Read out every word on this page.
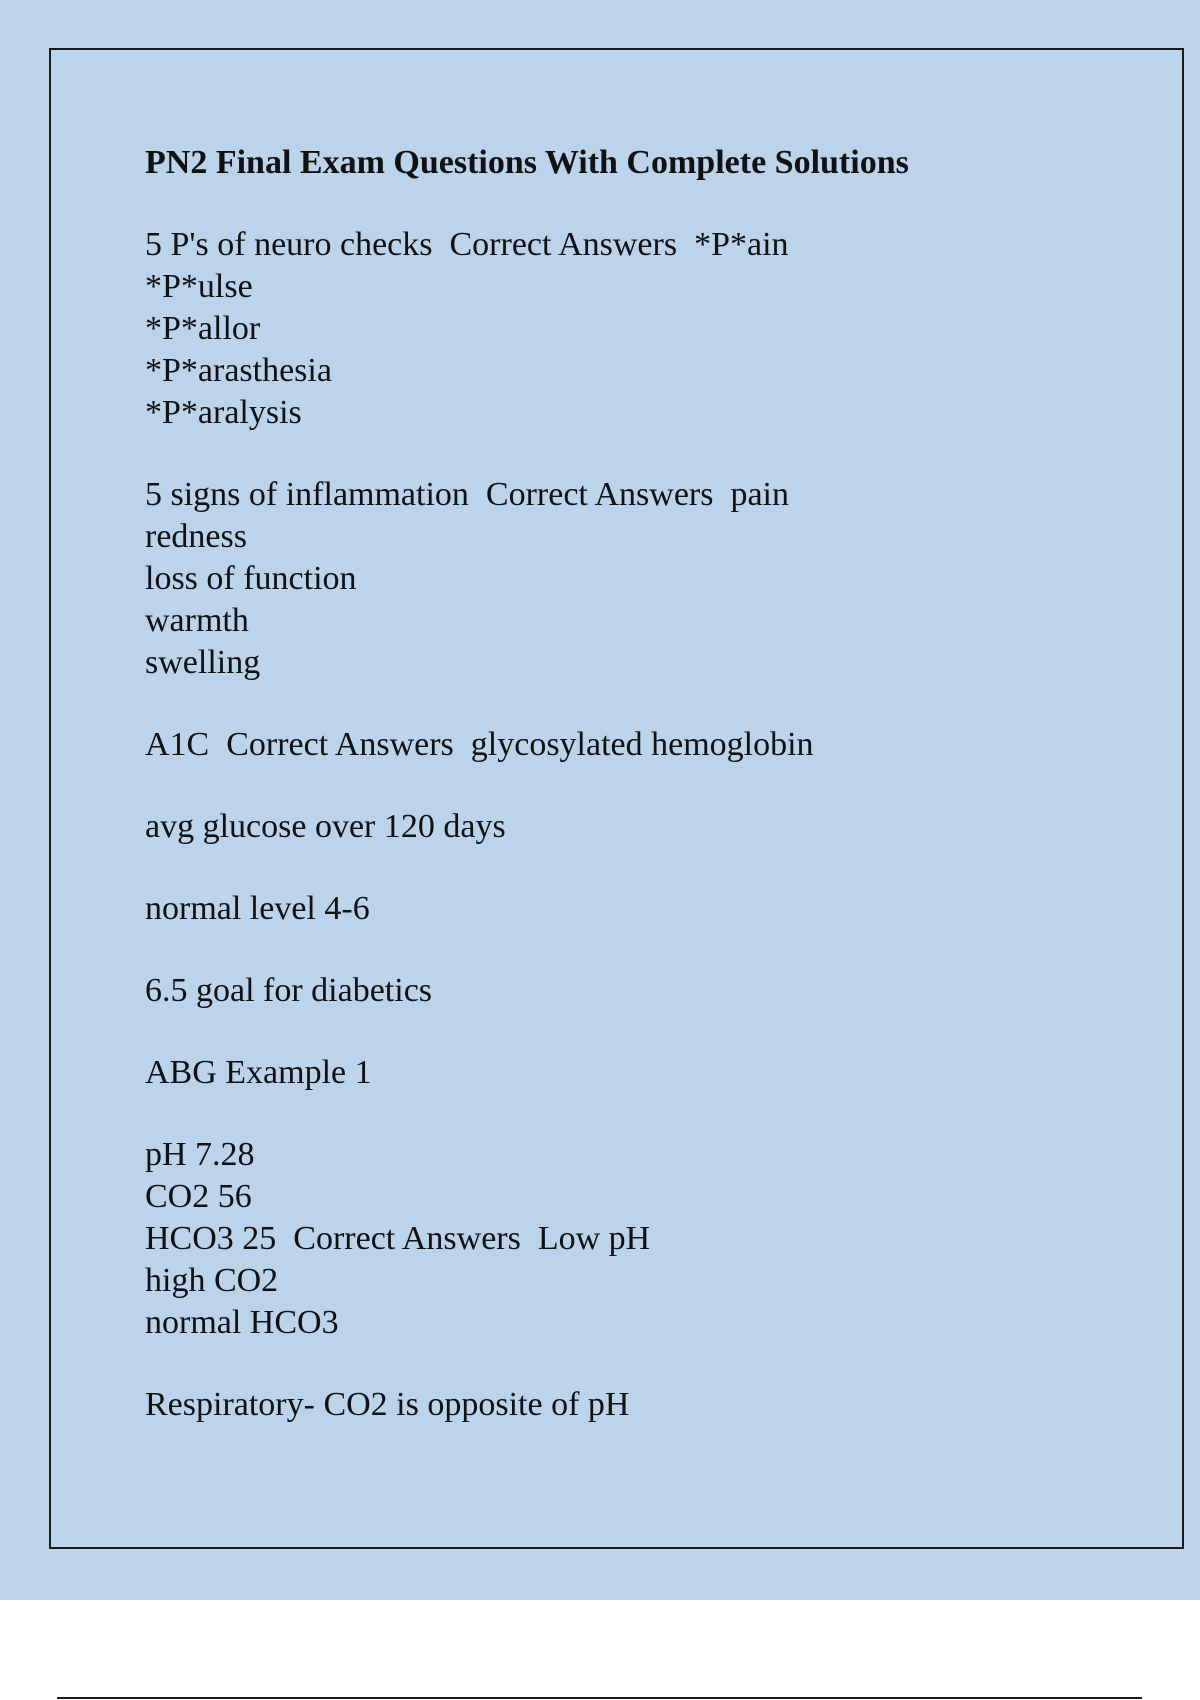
PN2 Final Exam Questions With Complete Solutions
5 P's of neuro checks  Correct Answers  *P*ain
*P*ulse
*P*allor
*P*arasthesia
*P*aralysis
5 signs of inflammation  Correct Answers  pain
redness
loss of function
warmth
swelling
A1C  Correct Answers  glycosylated hemoglobin
avg glucose over 120 days
normal level 4-6
6.5 goal for diabetics
ABG Example 1
pH 7.28
CO2 56
HCO3 25  Correct Answers  Low pH
high CO2
normal HCO3
Respiratory- CO2 is opposite of pH
